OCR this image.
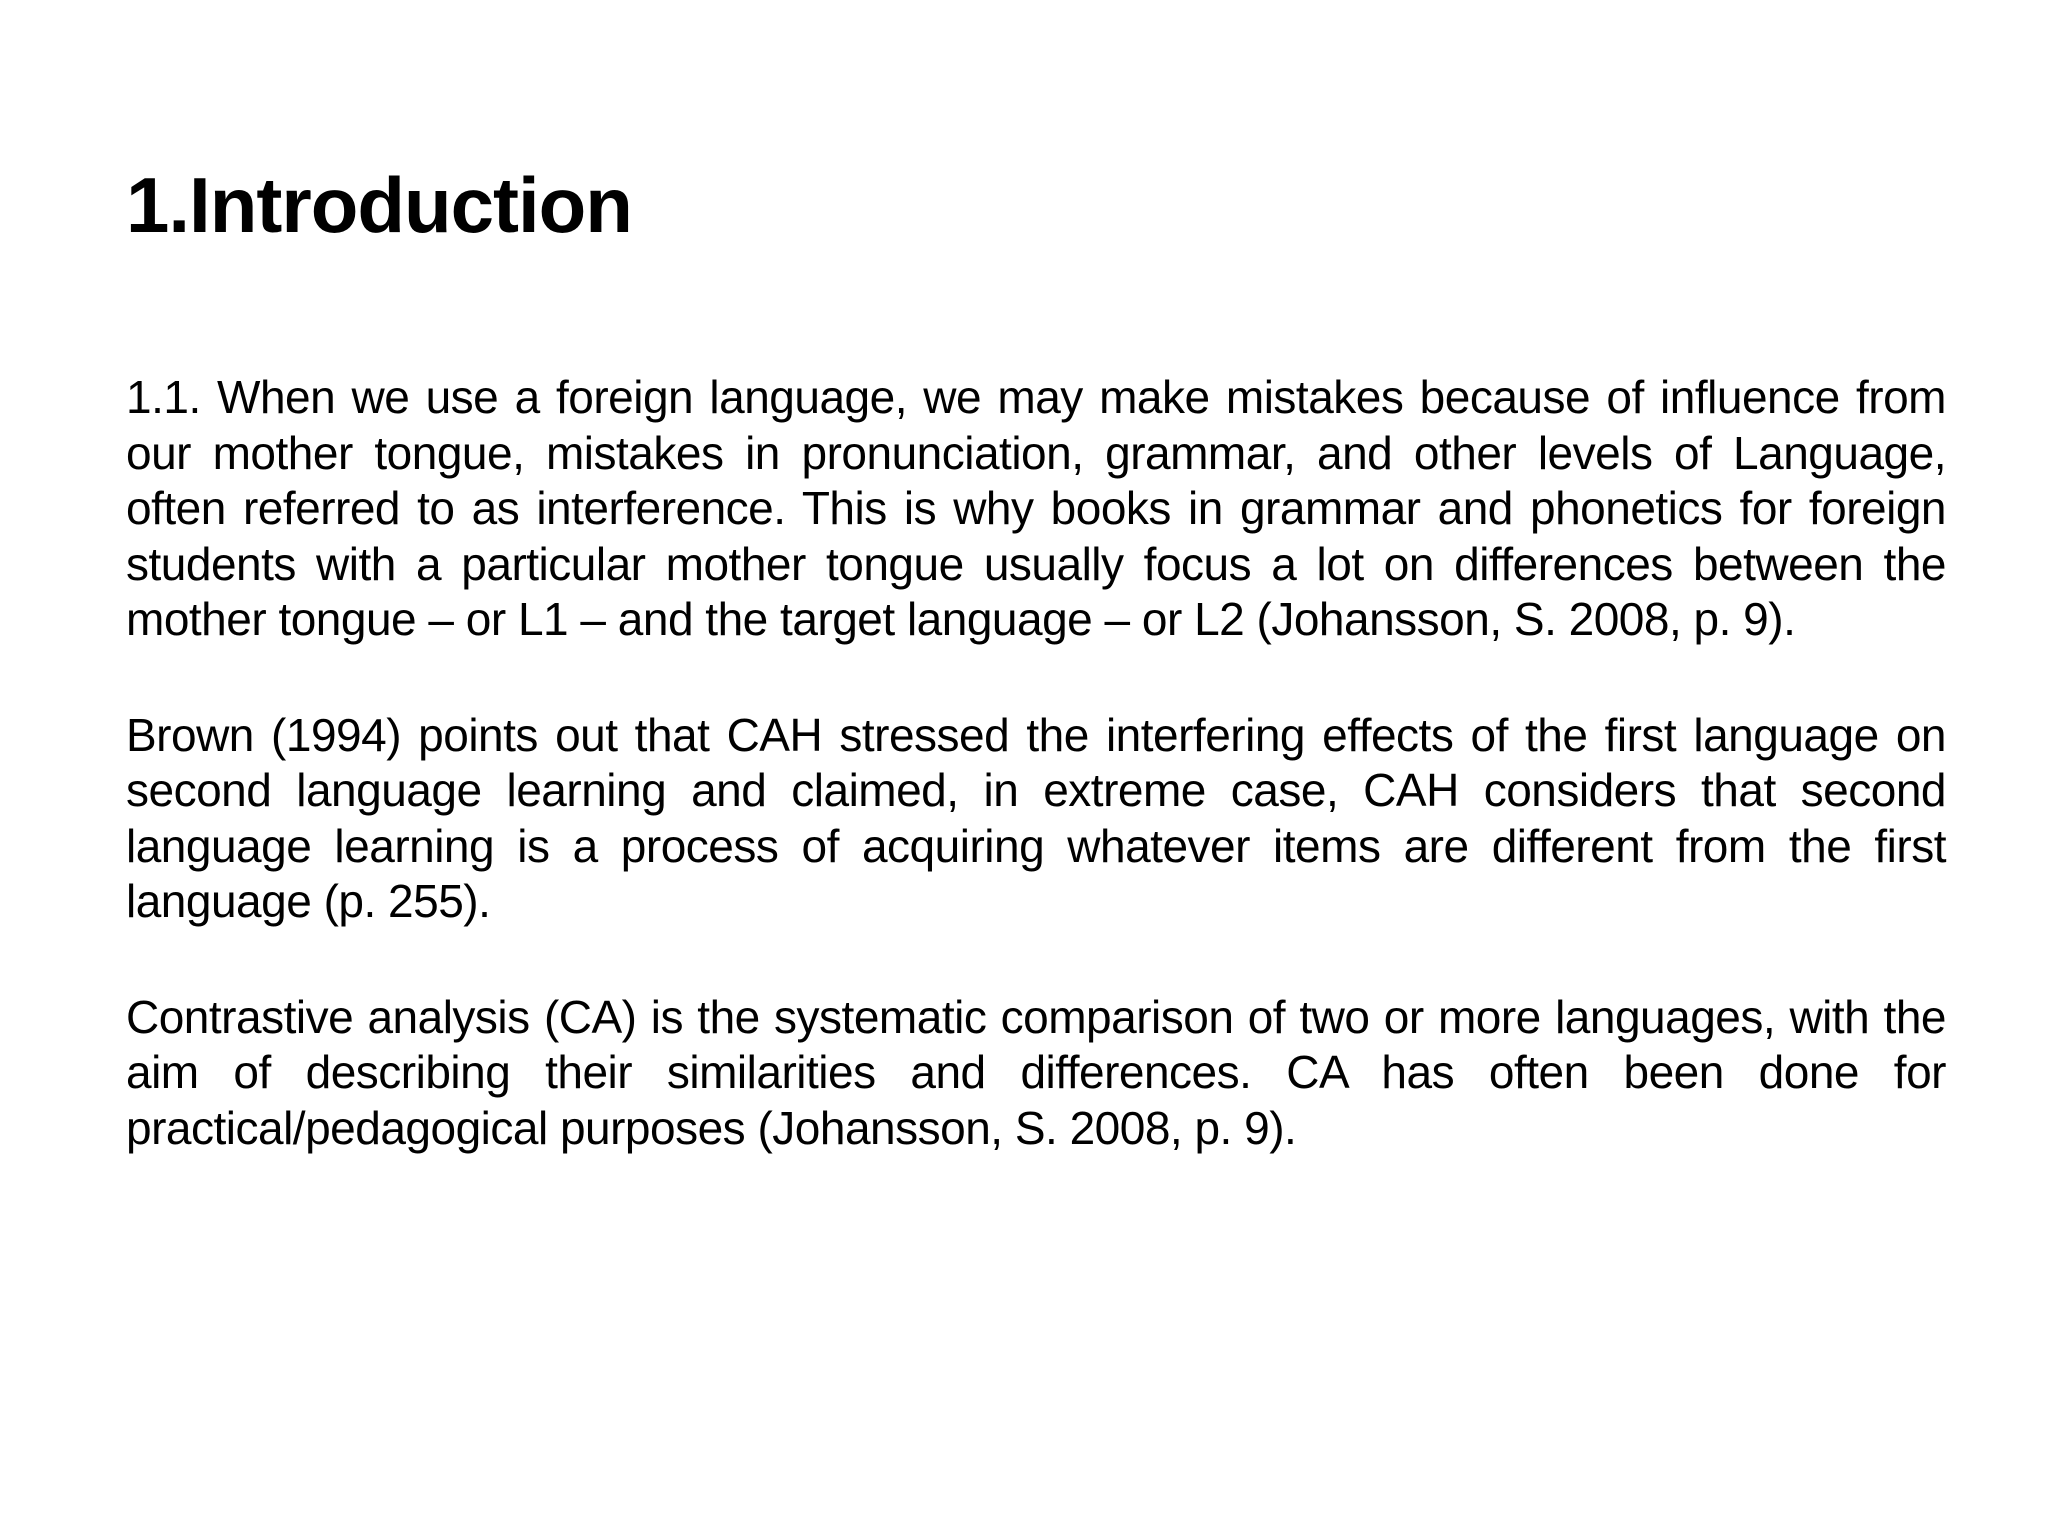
1.Introduction

1.1. When we use a foreign language, we may make mistakes because of influence from our mother tongue, mistakes in pronunciation, grammar, and other levels of Language, often referred to as interference. This is why books in grammar and phonetics for foreign students with a particular mother tongue usually focus a lot on differences between the mother tongue – or L1 – and the target language – or L2 (Johansson, S. 2008, p. 9).

Brown (1994) points out that CAH stressed the interfering effects of the first language on second language learning and claimed, in extreme case, CAH considers that second language learning is a process of acquiring whatever items are different from the first language (p. 255).

Contrastive analysis (CA) is the systematic comparison of two or more languages, with the aim of describing their similarities and differences. CA has often been done for practical/pedagogical purposes (Johansson, S. 2008, p. 9).
